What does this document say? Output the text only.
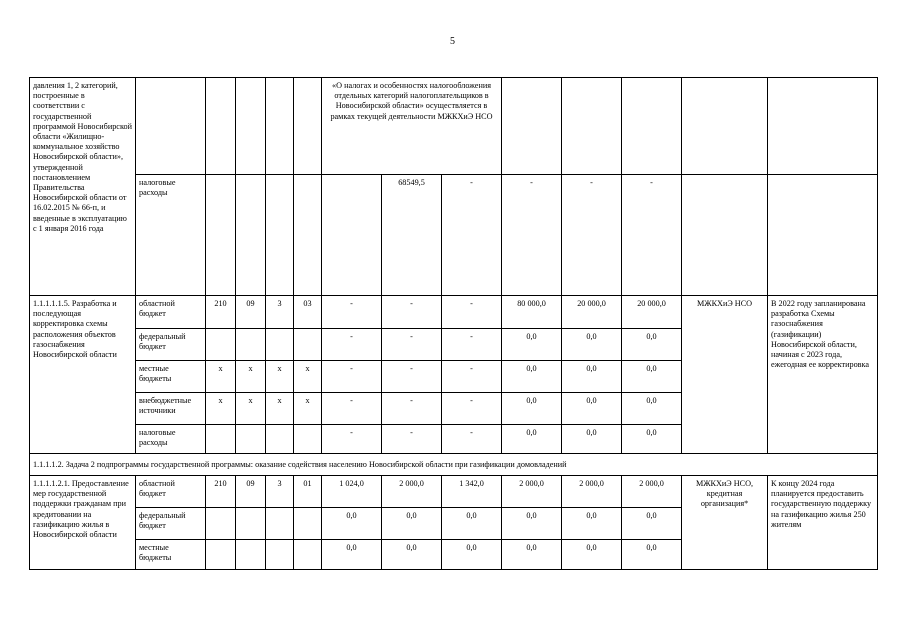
5
давления 1, 2 категорий, построенные в соответствии с государственной программой Новосибирской области «Жилищно-коммунальное хозяйство Новосибирской области», утвержденной постановлением Правительства Новосибирской области от 16.02.2015 № 66-п, и введенные в эксплуатацию с 1 января 2016 года						«О налогах и особенностях налогообложения отдельных категорий налогоплательщиков в Новосибирской области» осуществляется в рамках текущей деятельности МЖКХиЭ НСО							
	налоговые расходы						68549,5	-	-	-	-		
1.1.1.1.1.5. Разработка и последующая корректировка схемы расположения объектов газоснабжения Новосибирской области	областной бюджет	210	09	3	03	-	-	-	80 000,0	20 000,0	20 000,0	МЖКХиЭ НСО	В 2022 году запланирована разработка Схемы газоснабжения (газификации) Новосибирской области, начиная с 2023 года, ежегодная ее корректировка
	федеральный бюджет					-	-	-	0,0	0,0	0,0		
	местные бюджеты	x	x	x	x	-	-	-	0,0	0,0	0,0		
	внебюджетные источники	x	x	x	x	-	-	-	0,0	0,0	0,0		
	налоговые расходы					-	-	-	0,0	0,0	0,0		
1.1.1.1.2. Задача 2 подпрограммы государственной программы: оказание содействия населению Новосибирской области при газификации домовладений													
1.1.1.1.2.1. Предоставление мер государственной поддержки гражданам при кредитовании на газификацию жилья в Новосибирской области	областной бюджет	210	09	3	01	1 024,0	2 000,0	1 342,0	2 000,0	2 000,0	2 000,0	МЖКХиЭ НСО, кредитная организация*	К концу 2024 года планируется предоставить государственную поддержку на газификацию жилья 250 жителям
	федеральный бюджет					0,0	0,0	0,0	0,0	0,0	0,0		
	местные бюджеты					0,0	0,0	0,0	0,0	0,0	0,0		
